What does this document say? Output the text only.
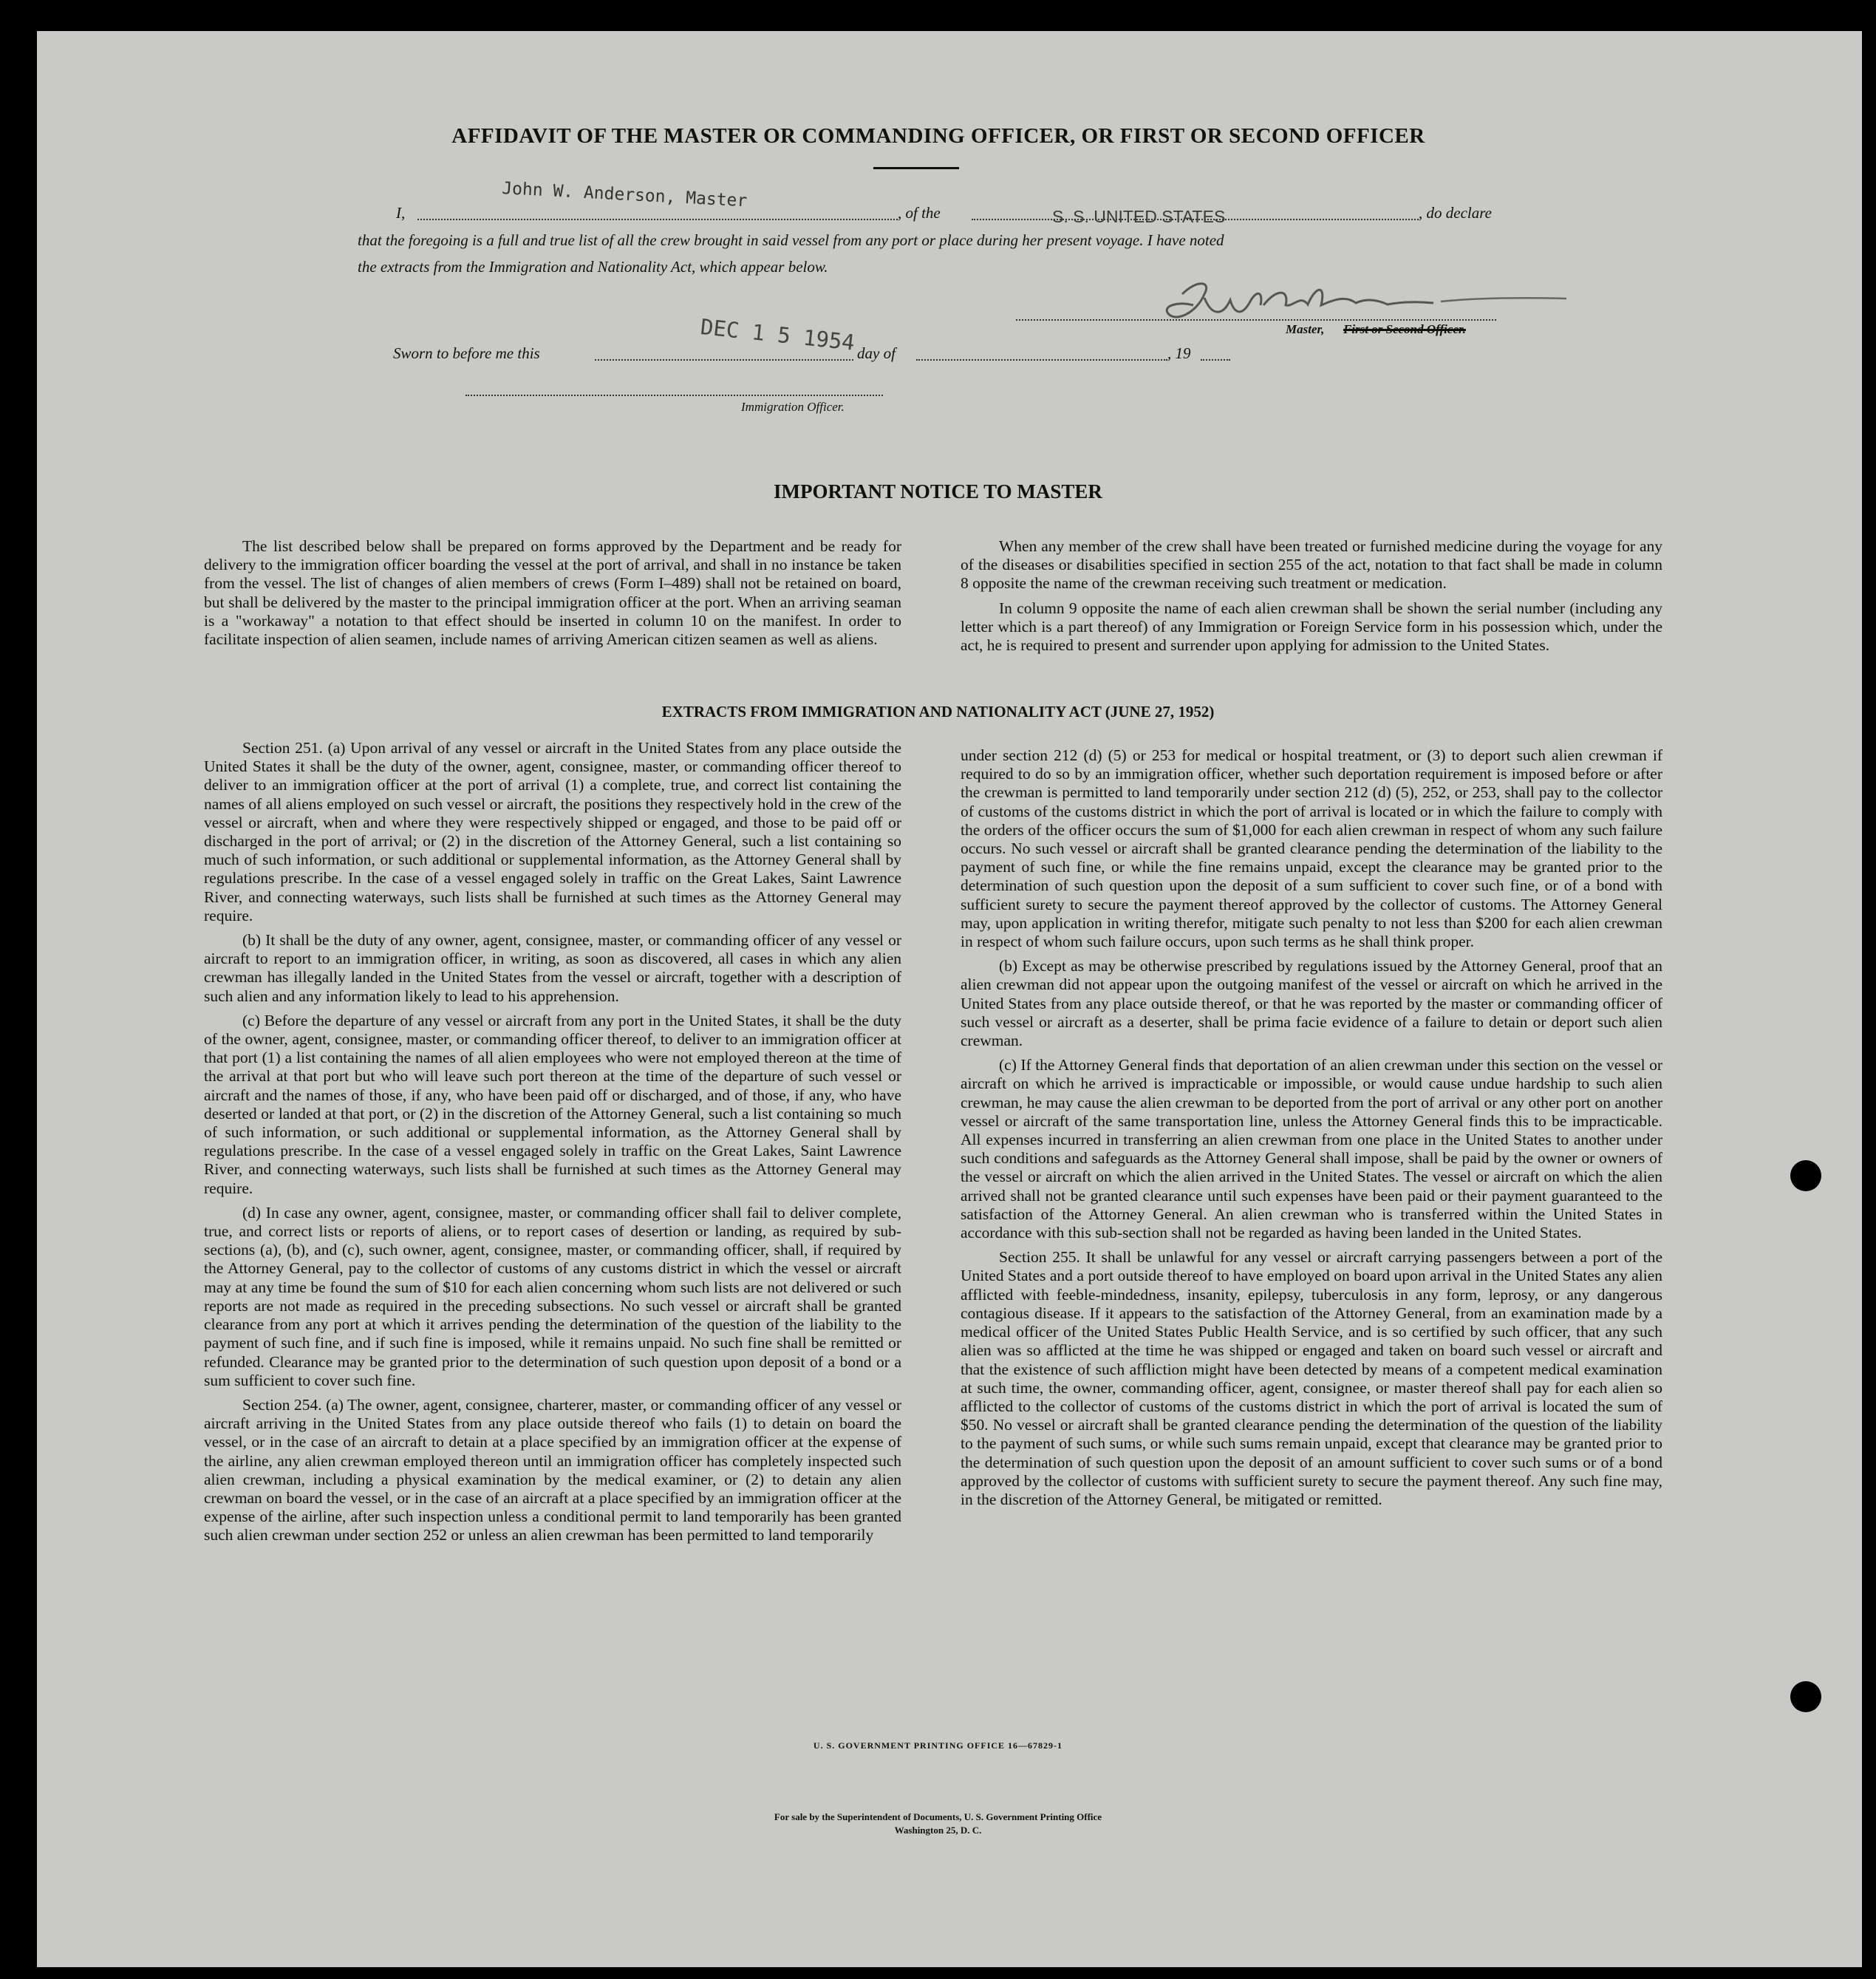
AFFIDAVIT OF THE MASTER OR COMMANDING OFFICER, OR FIRST OR SECOND OFFICER
I,
John W. Anderson, Master
, of the	S. S. UNITED STATES	, do declare
that the foregoing is a full and true list of all the crew brought in said vessel from any port or place during her present voyage. I have noted
the extracts from the Immigration and Nationality Act, which appear below.
Master, First or Second Officer.
Sworn to before me this	DEC 1 5 1954 day of	, 19
Immigration Officer.
IMPORTANT NOTICE TO MASTER

The list described below shall be prepared on forms approved by the Department and be ready for delivery to the immigration officer boarding the vessel at the port of arrival, and shall in no instance be taken from the vessel. The list of changes of alien members of crews (Form I–489) shall not be retained on board, but shall be delivered by the master to the principal immigration officer at the port. When an arriving seaman is a "workaway" a notation to that effect should be inserted in column 10 on the manifest. In order to facilitate inspection of alien seamen, include names of arriving American citizen seamen as well as aliens.

When any member of the crew shall have been treated or furnished medicine during the voyage for any of the diseases or disabilities specified in section 255 of the act, notation to that fact shall be made in column 8 opposite the name of the crewman receiving such treatment or medication.

In column 9 opposite the name of each alien crewman shall be shown the serial number (including any letter which is a part thereof) of any Immigration or Foreign Service form in his possession which, under the act, he is required to present and surrender upon applying for admission to the United States.

EXTRACTS FROM IMMIGRATION AND NATIONALITY ACT (JUNE 27, 1952)

Section 251. (a) Upon arrival of any vessel or aircraft in the United States from any place outside the United States it shall be the duty of the owner, agent, consignee, master, or commanding officer thereof to deliver to an immigration officer at the port of arrival (1) a complete, true, and correct list containing the names of all aliens employed on such vessel or aircraft, the positions they respectively hold in the crew of the vessel or aircraft, when and where they were respectively shipped or engaged, and those to be paid off or discharged in the port of arrival; or (2) in the discretion of the Attorney General, such a list containing so much of such information, or such additional or supplemental information, as the Attorney General shall by regulations prescribe. In the case of a vessel engaged solely in traffic on the Great Lakes, Saint Lawrence River, and connecting waterways, such lists shall be furnished at such times as the Attorney General may require.

(b) It shall be the duty of any owner, agent, consignee, master, or commanding officer of any vessel or aircraft to report to an immigration officer, in writing, as soon as discovered, all cases in which any alien crewman has illegally landed in the United States from the vessel or aircraft, together with a description of such alien and any information likely to lead to his apprehension.

(c) Before the departure of any vessel or aircraft from any port in the United States, it shall be the duty of the owner, agent, consignee, master, or commanding officer thereof, to deliver to an immigration officer at that port (1) a list containing the names of all alien employees who were not employed thereon at the time of the arrival at that port but who will leave such port thereon at the time of the departure of such vessel or aircraft and the names of those, if any, who have been paid off or discharged, and of those, if any, who have deserted or landed at that port, or (2) in the discretion of the Attorney General, such a list containing so much of such information, or such additional or supplemental information, as the Attorney General shall by regulations prescribe. In the case of a vessel engaged solely in traffic on the Great Lakes, Saint Lawrence River, and connecting waterways, such lists shall be furnished at such times as the Attorney General may require.

(d) In case any owner, agent, consignee, master, or commanding officer shall fail to deliver complete, true, and correct lists or reports of aliens, or to report cases of desertion or landing, as required by sub-sections (a), (b), and (c), such owner, agent, consignee, master, or commanding officer, shall, if required by the Attorney General, pay to the collector of customs of any customs district in which the vessel or aircraft may at any time be found the sum of $10 for each alien concerning whom such lists are not delivered or such reports are not made as required in the preceding subsections. No such vessel or aircraft shall be granted clearance from any port at which it arrives pending the determination of the question of the liability to the payment of such fine, and if such fine is imposed, while it remains unpaid. No such fine shall be remitted or refunded. Clearance may be granted prior to the determination of such question upon deposit of a bond or a sum sufficient to cover such fine.

Section 254. (a) The owner, agent, consignee, charterer, master, or commanding officer of any vessel or aircraft arriving in the United States from any place outside thereof who fails (1) to detain on board the vessel, or in the case of an aircraft to detain at a place specified by an immigration officer at the expense of the airline, any alien crewman employed thereon until an immigration officer has completely inspected such alien crewman, including a physical examination by the medical examiner, or (2) to detain any alien crewman on board the vessel, or in the case of an aircraft at a place specified by an immigration officer at the expense of the airline, after such inspection unless a conditional permit to land temporarily has been granted such alien crewman under section 252 or unless an alien crewman has been permitted to land temporarily

under section 212 (d) (5) or 253 for medical or hospital treatment, or (3) to deport such alien crewman if required to do so by an immigration officer, whether such deportation requirement is imposed before or after the crewman is permitted to land temporarily under section 212 (d) (5), 252, or 253, shall pay to the collector of customs of the customs district in which the port of arrival is located or in which the failure to comply with the orders of the officer occurs the sum of $1,000 for each alien crewman in respect of whom any such failure occurs. No such vessel or aircraft shall be granted clearance pending the determination of the liability to the payment of such fine, or while the fine remains unpaid, except the clearance may be granted prior to the determination of such question upon the deposit of a sum sufficient to cover such fine, or of a bond with sufficient surety to secure the payment thereof approved by the collector of customs. The Attorney General may, upon application in writing therefor, mitigate such penalty to not less than $200 for each alien crewman in respect of whom such failure occurs, upon such terms as he shall think proper.

(b) Except as may be otherwise prescribed by regulations issued by the Attorney General, proof that an alien crewman did not appear upon the outgoing manifest of the vessel or aircraft on which he arrived in the United States from any place outside thereof, or that he was reported by the master or commanding officer of such vessel or aircraft as a deserter, shall be prima facie evidence of a failure to detain or deport such alien crewman.

(c) If the Attorney General finds that deportation of an alien crewman under this section on the vessel or aircraft on which he arrived is impracticable or impossible, or would cause undue hardship to such alien crewman, he may cause the alien crewman to be deported from the port of arrival or any other port on another vessel or aircraft of the same transportation line, unless the Attorney General finds this to be impracticable. All expenses incurred in transferring an alien crewman from one place in the United States to another under such conditions and safeguards as the Attorney General shall impose, shall be paid by the owner or owners of the vessel or aircraft on which the alien arrived in the United States. The vessel or aircraft on which the alien arrived shall not be granted clearance until such expenses have been paid or their payment guaranteed to the satisfaction of the Attorney General. An alien crewman who is transferred within the United States in accordance with this sub-section shall not be regarded as having been landed in the United States.

Section 255. It shall be unlawful for any vessel or aircraft carrying passengers between a port of the United States and a port outside thereof to have employed on board upon arrival in the United States any alien afflicted with feeble-mindedness, insanity, epilepsy, tuberculosis in any form, leprosy, or any dangerous contagious disease. If it appears to the satisfaction of the Attorney General, from an examination made by a medical officer of the United States Public Health Service, and is so certified by such officer, that any such alien was so afflicted at the time he was shipped or engaged and taken on board such vessel or aircraft and that the existence of such affliction might have been detected by means of a competent medical examination at such time, the owner, commanding officer, agent, consignee, or master thereof shall pay for each alien so afflicted to the collector of customs of the customs district in which the port of arrival is located the sum of $50. No vessel or aircraft shall be granted clearance pending the determination of the question of the liability to the payment of such sums, or while such sums remain unpaid, except that clearance may be granted prior to the determination of such question upon the deposit of an amount sufficient to cover such sums or of a bond approved by the collector of customs with sufficient surety to secure the payment thereof. Any such fine may, in the discretion of the Attorney General, be mitigated or remitted.

U. S. GOVERNMENT PRINTING OFFICE 16—67829-1
For sale by the Superintendent of Documents, U. S. Government Printing Office
Washington 25, D. C.
